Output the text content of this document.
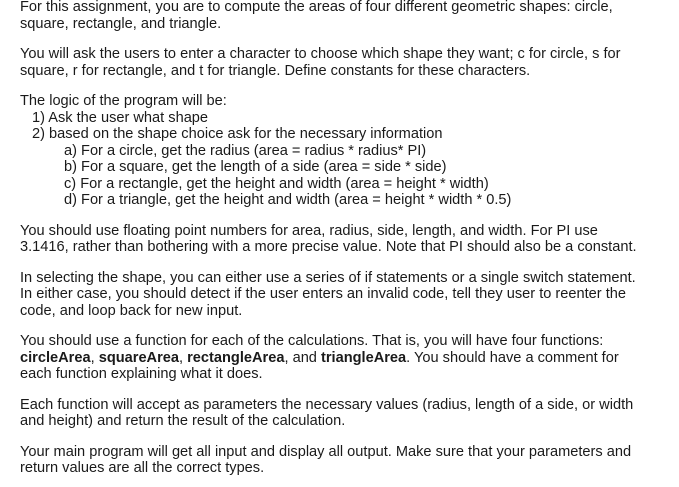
For this assignment, you are to compute the areas of four different geometric shapes: circle,
square, rectangle, and triangle.

You will ask the users to enter a character to choose which shape they want; c for circle, s for
square, r for rectangle, and t for triangle. Define constants for these characters.

The logic of the program will be:

1) Ask the user what shape

2) based on the shape choice ask for the necessary information

a) For a circle, get the radius (area = radius * radius* PI)

b) For a square, get the length of a side (area = side * side)

c) For a rectangle, get the height and width (area = height * width)

d) For a triangle, get the height and width (area = height * width * 0.5)

You should use floating point numbers for area, radius, side, length, and width. For PI use
3.1416, rather than bothering with a more precise value. Note that PI should also be a constant.

In selecting the shape, you can either use a series of if statements or a single switch statement.
In either case, you should detect if the user enters an invalid code, tell they user to reenter the
code, and loop back for new input.

You should use a function for each of the calculations. That is, you will have four functions:
circleArea, squareArea, rectangleArea, and triangleArea. You should have a comment for
each function explaining what it does.

Each function will accept as parameters the necessary values (radius, length of a side, or width
and height) and return the result of the calculation.

Your main program will get all input and display all output. Make sure that your parameters and
return values are all the correct types.
